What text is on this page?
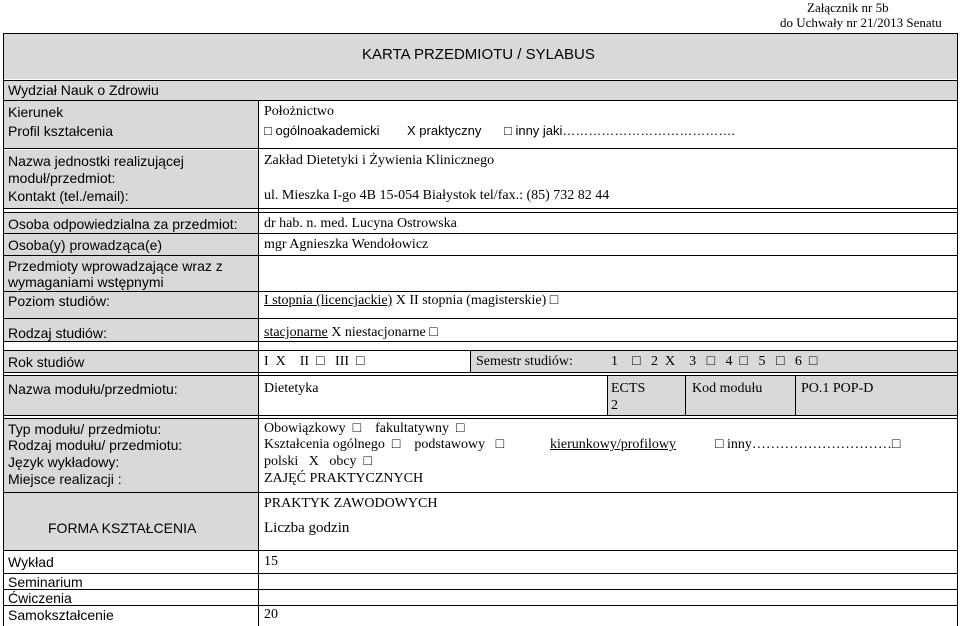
Załącznik nr 5b
do Uchwały nr 21/2013 Senatu
KARTA PRZEDMIOTU / SYLABUS
Wydział Nauk o Zdrowiu
Kierunek	Położnictwo
Profil kształcenia	□ ogólnoakademicki X praktyczny □ inny jaki………………………………….
Nazwa jednostki realizującej
moduł/przedmiot:
Zakład Dietetyki i Żywienia Klinicznego
Kontakt (tel./email):	ul. Mieszka I-go 4B 15-054 Białystok tel/fax.: (85) 732 82 44
Osoba odpowiedzialna za przedmiot: dr hab. n. med. Lucyna Ostrowska
Osoba(y) prowadząca(e)	mgr Agnieszka Wendołowicz
Przedmioty wprowadzające wraz z
wymaganiami wstępnymi
Poziom studiów:	I stopnia (licencjackie) X II stopnia (magisterskie) □
Rodzaj studiów:	stacjonarne X niestacjonarne □
Rok studiów	I  X    II  □   III  □	Semestr studiów:	1    □   2  X    3   □   4  □   5   □   6  □
Nazwa modułu/przedmiotu:	Dietetyka	ECTS
2
Kod modułu	PO.1 POP-D
Typ modułu/ przedmiotu:	Obowiązkowy  □    fakultatywny  □
Rodzaj modułu/ przedmiotu:	Kształcenia ogólnego  □    podstawowy   □	kierunkowy/profilowy	□ inny…………………………□
Język wykładowy:	polski   X   obcy  □
Miejsce realizacji :	ZAJĘĆ PRAKTYCZNYCH
PRAKTYK ZAWODOWYCH
FORMA KSZTAŁCENIA	Liczba godzin
Wykład	15
Seminarium
Ćwiczenia
Samokształcenie	20
